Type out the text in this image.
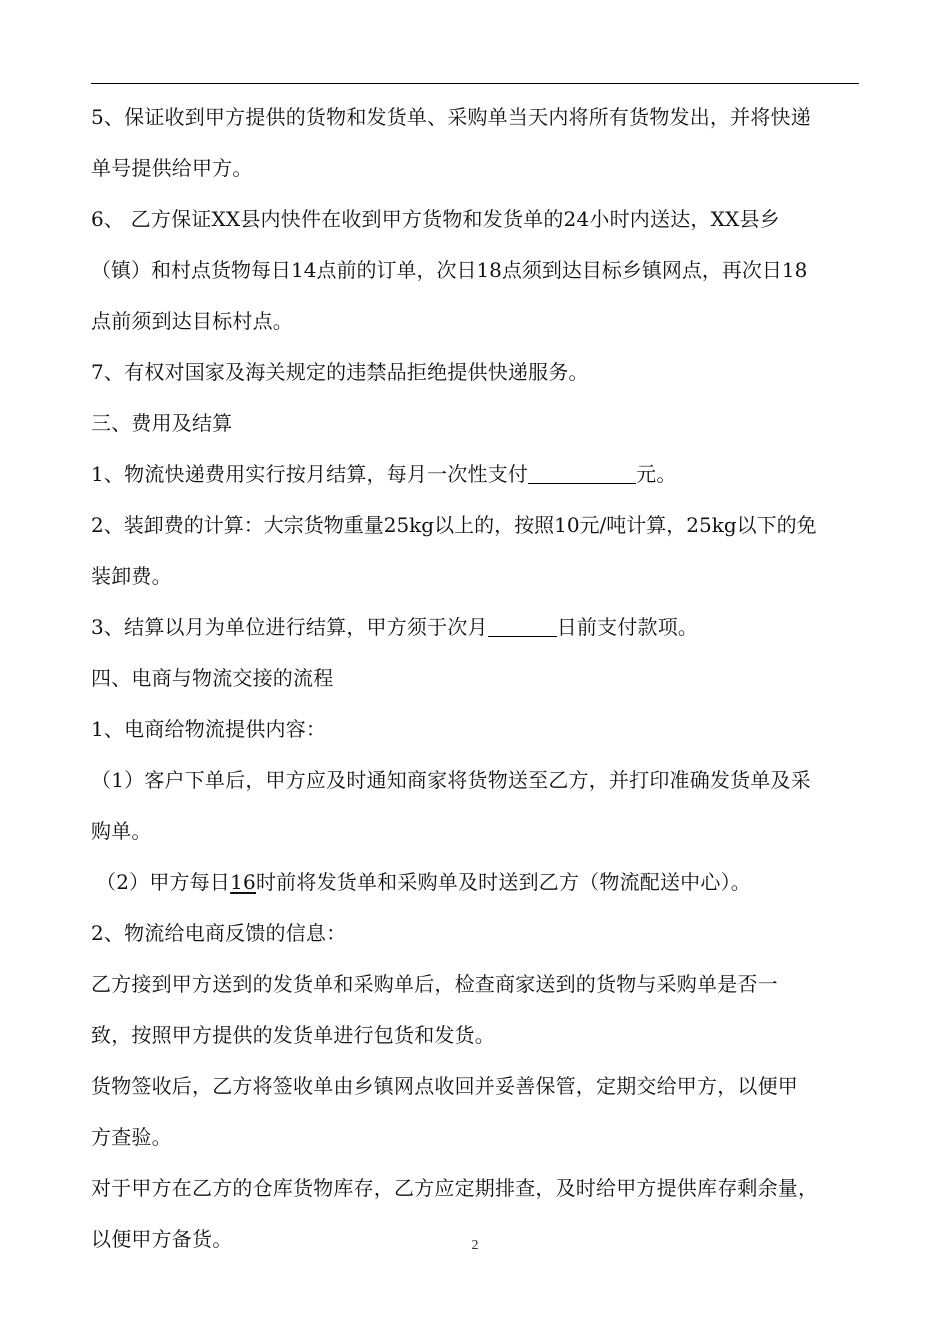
5、保证收到甲方提供的货物和发货单、采购单当天内将所有货物发出，并将快递
单号提供给甲方。
6、 乙方保证XX县内快件在收到甲方货物和发货单的24小时内送达，XX县乡
（镇）和村点货物每日14点前的订单，次日18点须到达目标乡镇网点，再次日18
点前须到达目标村点。
7、有权对国家及海关规定的违禁品拒绝提供快递服务。
三、费用及结算
1、物流快递费用实行按月结算，每月一次性支付	元。
2、装卸费的计算：大宗货物重量25kg以上的，按照10元/吨计算，25kg以下的免
装卸费。
3、结算以月为单位进行结算，甲方须于次月	日前支付款项。
四、电商与物流交接的流程
1、电商给物流提供内容：
（1）客户下单后，甲方应及时通知商家将货物送至乙方，并打印准确发货单及采
购单。
（2）甲方每日16时前将发货单和采购单及时送到乙方（物流配送中心）。
2、物流给电商反馈的信息：
乙方接到甲方送到的发货单和采购单后，检查商家送到的货物与采购单是否一
致，按照甲方提供的发货单进行包货和发货。
货物签收后，乙方将签收单由乡镇网点收回并妥善保管，定期交给甲方，以便甲
方查验。
对于甲方在乙方的仓库货物库存，乙方应定期排查，及时给甲方提供库存剩余量，
以便甲方备货。	2
